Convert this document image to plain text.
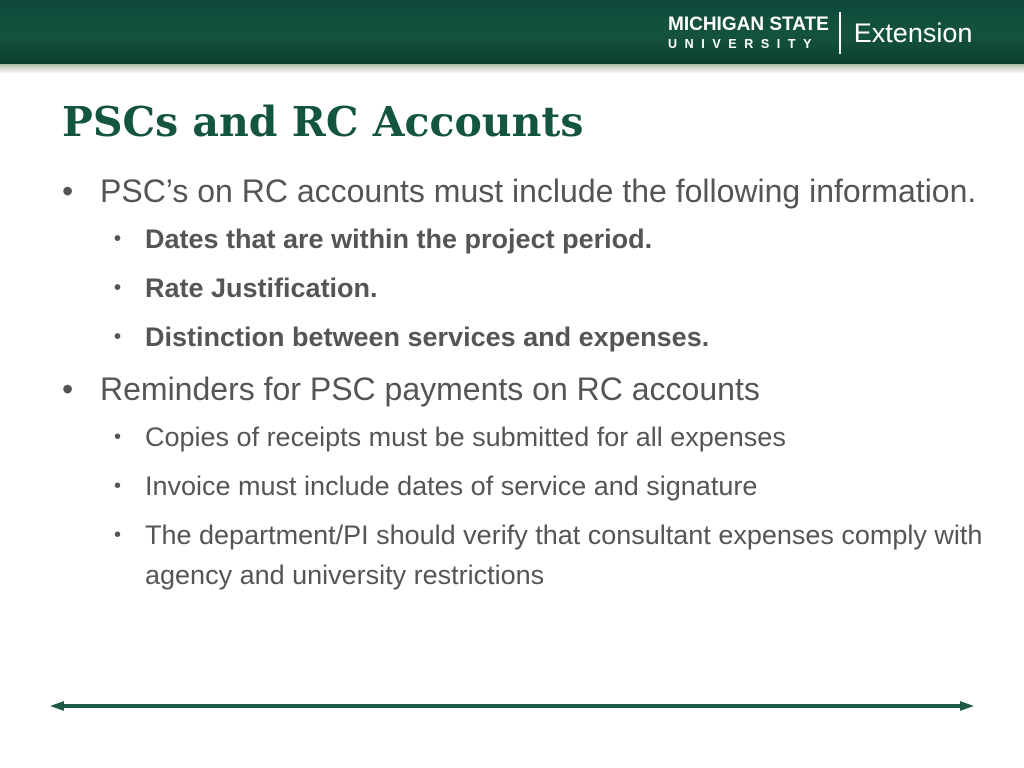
MICHIGAN STATE
UNIVERSITY	Extension
PSCs and RC Accounts
• PSC’s on RC accounts must include the following information.
• Dates that are within the project period.
• Rate Justification.
• Distinction between services and expenses.
• Reminders for PSC payments on RC accounts
• Copies of receipts must be submitted for all expenses
• Invoice must include dates of service and signature
• The department/PI should verify that consultant expenses comply with agency and university restrictions
